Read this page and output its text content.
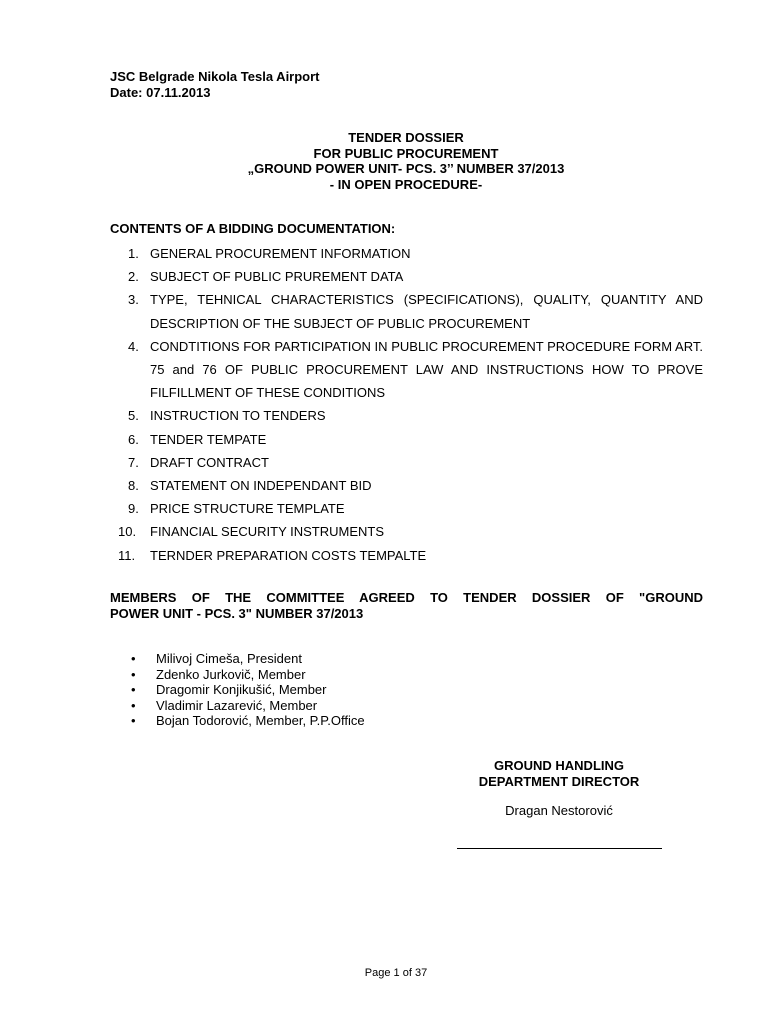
JSC Belgrade Nikola Tesla Airport
Date: 07.11.2013
TENDER DOSSIER
FOR PUBLIC PROCUREMENT
„GROUND POWER UNIT- PCS. 3’’ NUMBER 37/2013
- IN OPEN PROCEDURE-
CONTENTS OF A BIDDING DOCUMENTATION:
1. GENERAL PROCUREMENT INFORMATION
2. SUBJECT OF PUBLIC PRUREMENT DATA
3. TYPE, TEHNICAL CHARACTERISTICS (SPECIFICATIONS), QUALITY, QUANTITY AND DESCRIPTION OF THE SUBJECT OF PUBLIC PROCUREMENT
4. CONDTITIONS FOR PARTICIPATION IN PUBLIC PROCUREMENT PROCEDURE FORM ART. 75 and 76 OF PUBLIC PROCUREMENT LAW AND INSTRUCTIONS HOW TO PROVE FILFILLMENT OF THESE CONDITIONS
5. INSTRUCTION TO TENDERS
6. TENDER TEMPATE
7. DRAFT CONTRACT
8. STATEMENT ON INDEPENDANT BID
9. PRICE STRUCTURE TEMPLATE
10. FINANCIAL SECURITY INSTRUMENTS
11. TERNDER PREPARATION COSTS TEMPALTE
MEMBERS OF THE COMMITTEE AGREED TO TENDER DOSSIER OF "GROUND
POWER UNIT - PCS. 3" NUMBER 37/2013
• Milivoj Cimeša, President
• Zdenko Jurkovič, Member
• Dragomir Konjikušić, Member
• Vladimir Lazarević, Member
• Bojan Todorović, Member, P.P.Office
GROUND HANDLING
DEPARTMENT DIRECTOR
Dragan Nestorović
Page 1 of 37
